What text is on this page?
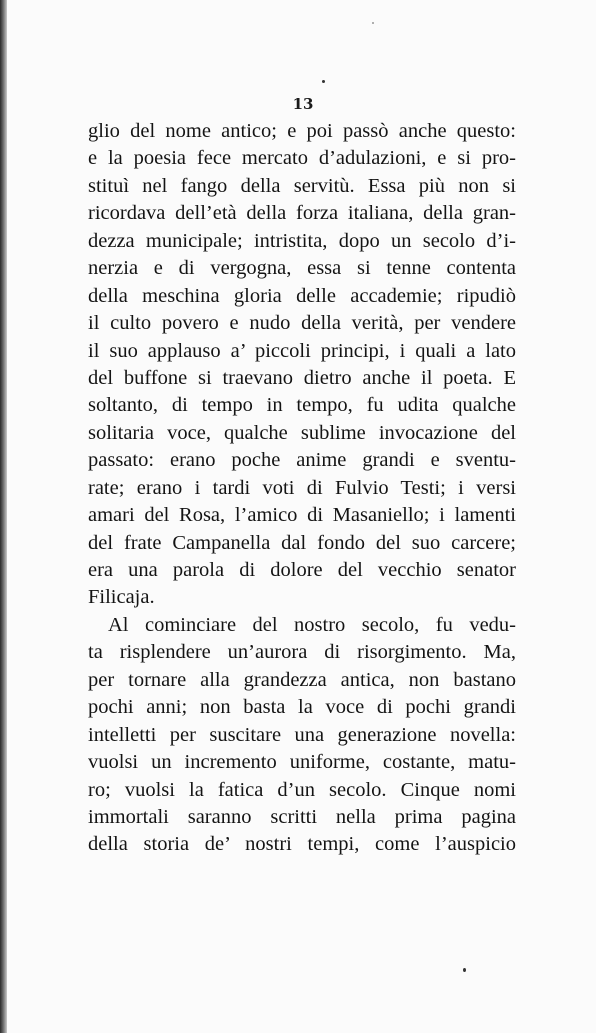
13
glio del nome antico; e poi passò anche questo:
e la poesia fece mercato d’adulazioni, e si pro-
stituì nel fango della servitù. Essa più non si
ricordava dell’età della forza italiana, della gran-
dezza municipale; intristita, dopo un secolo d’i-
nerzia e di vergogna, essa si tenne contenta
della meschina gloria delle accademie; ripudiò
il culto povero e nudo della verità, per vendere
il suo applauso a’ piccoli principi, i quali a lato
del buffone si traevano dietro anche il poeta. E
soltanto, di tempo in tempo, fu udita qualche
solitaria voce, qualche sublime invocazione del
passato: erano poche anime grandi e sventu-
rate; erano i tardi voti di Fulvio Testi; i versi
amari del Rosa, l’amico di Masaniello; i lamenti
del frate Campanella dal fondo del suo carcere;
era una parola di dolore del vecchio senator
Filicaja.
Al cominciare del nostro secolo, fu vedu-
ta risplendere un’aurora di risorgimento. Ma,
per tornare alla grandezza antica, non bastano
pochi anni; non basta la voce di pochi grandi
intelletti per suscitare una generazione novella:
vuolsi un incremento uniforme, costante, matu-
ro; vuolsi la fatica d’un secolo. Cinque nomi
immortali saranno scritti nella prima pagina
della storia de’ nostri tempi, come l’auspicio
